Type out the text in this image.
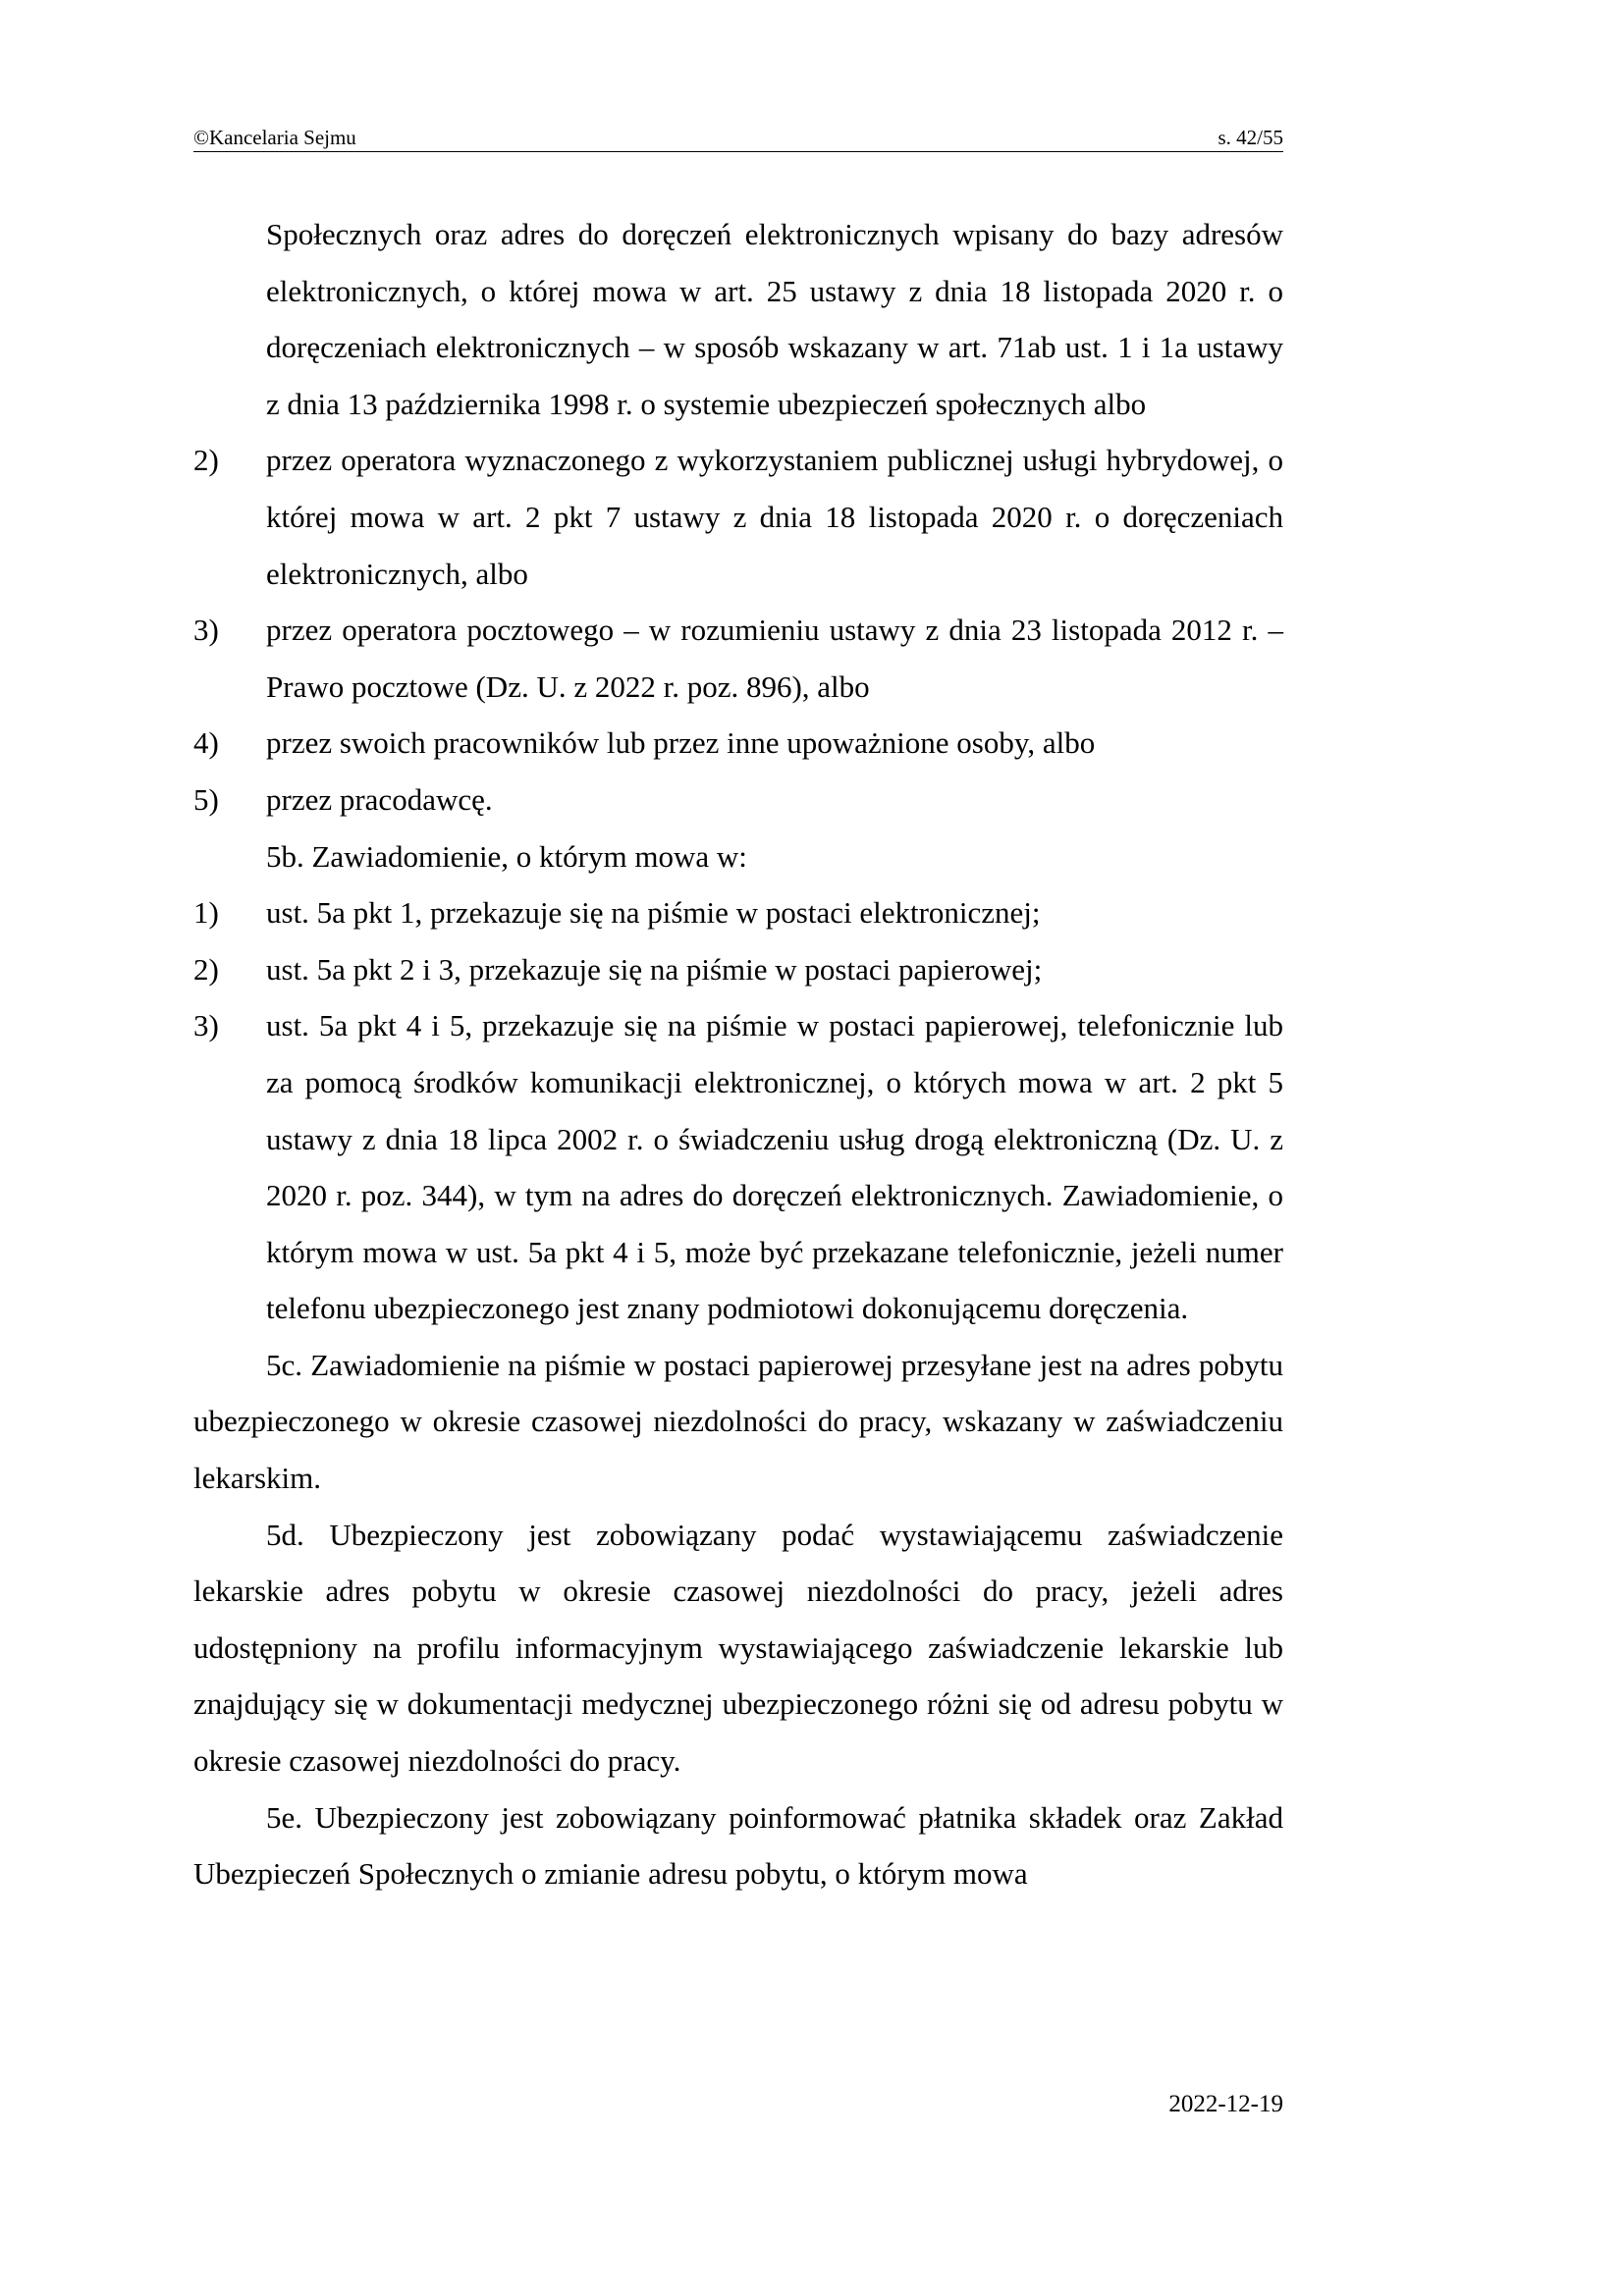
©Kancelaria Sejmu	s. 42/55

Społecznych oraz adres do doręczeń elektronicznych wpisany do bazy adresów elektronicznych, o której mowa w art. 25 ustawy z dnia 18 listopada 2020 r. o doręczeniach elektronicznych – w sposób wskazany w art. 71ab ust. 1 i 1a ustawy z dnia 13 października 1998 r. o systemie ubezpieczeń społecznych albo

2)	przez operatora wyznaczonego z wykorzystaniem publicznej usługi hybrydowej, o której mowa w art. 2 pkt 7 ustawy z dnia 18 listopada 2020 r. o doręczeniach elektronicznych, albo
3)	przez operatora pocztowego – w rozumieniu ustawy z dnia 23 listopada 2012 r. – Prawo pocztowe (Dz. U. z 2022 r. poz. 896), albo
4)	przez swoich pracowników lub przez inne upoważnione osoby, albo
5)	przez pracodawcę.

5b. Zawiadomienie, o którym mowa w:

1)	ust. 5a pkt 1, przekazuje się na piśmie w postaci elektronicznej;
2)	ust. 5a pkt 2 i 3, przekazuje się na piśmie w postaci papierowej;
3)	ust. 5a pkt 4 i 5, przekazuje się na piśmie w postaci papierowej, telefonicznie lub za pomocą środków komunikacji elektronicznej, o których mowa w art. 2 pkt 5 ustawy z dnia 18 lipca 2002 r. o świadczeniu usług drogą elektroniczną (Dz. U. z 2020 r. poz. 344), w tym na adres do doręczeń elektronicznych. Zawiadomienie, o którym mowa w ust. 5a pkt 4 i 5, może być przekazane telefonicznie, jeżeli numer telefonu ubezpieczonego jest znany podmiotowi dokonującemu doręczenia.

5c. Zawiadomienie na piśmie w postaci papierowej przesyłane jest na adres pobytu ubezpieczonego w okresie czasowej niezdolności do pracy, wskazany w zaświadczeniu lekarskim.

5d. Ubezpieczony jest zobowiązany podać wystawiającemu zaświadczenie lekarskie adres pobytu w okresie czasowej niezdolności do pracy, jeżeli adres udostępniony na profilu informacyjnym wystawiającego zaświadczenie lekarskie lub znajdujący się w dokumentacji medycznej ubezpieczonego różni się od adresu pobytu w okresie czasowej niezdolności do pracy.

5e. Ubezpieczony jest zobowiązany poinformować płatnika składek oraz Zakład Ubezpieczeń Społecznych o zmianie adresu pobytu, o którym mowa

2022-12-19
